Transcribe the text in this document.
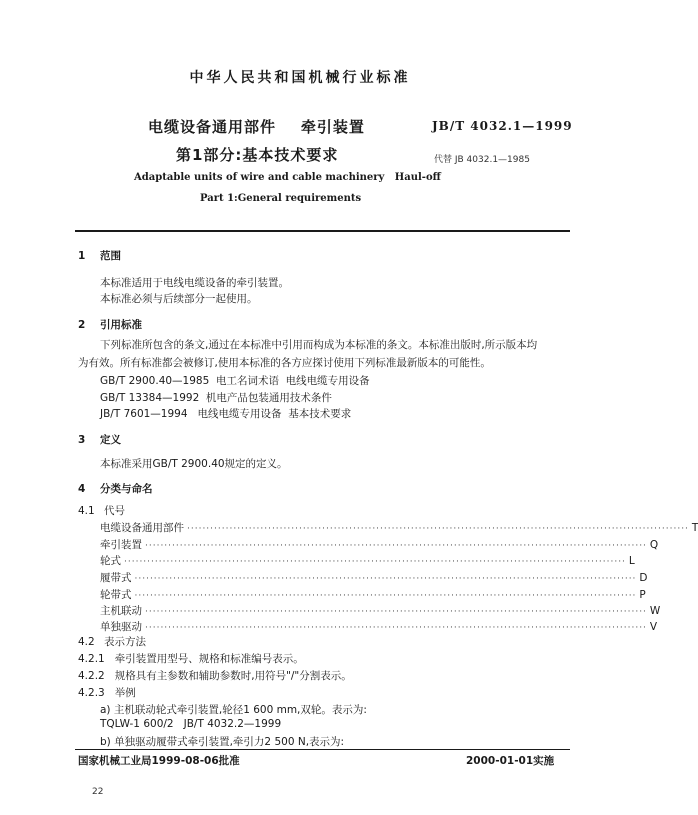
中华人民共和国机械行业标准
电缆设备通用部件    牵引装置
第1部分:基本技术要求
JB/T 4032.1—1999
代替 JB 4032.1—1985
Adaptable units of wire and cable machinery   Haul-off
Part 1:General requirements
1 范围
本标准适用于电线电缆设备的牵引装置。
本标准必须与后续部分一起使用。
2 引用标准
下列标准所包含的条文,通过在本标准中引用而构成为本标准的条文。本标准出版时,所示版本均
为有效。所有标准都会被修订,使用本标准的各方应探讨使用下列标准最新版本的可能性。
GB/T 2900.40—1985  电工名词术语  电线电缆专用设备
GB/T 13384—1992  机电产品包装通用技术条件
JB/T 7601—1994   电线电缆专用设备  基本技术要求
3 定义
本标准采用GB/T 2900.40规定的定义。
4 分类与命名
4.1 代号
电缆设备通用部件 ·································································································································· T
牵引装置 ·································································································································· Q
轮式 ·································································································································· L
履带式 ·································································································································· D
轮带式 ·································································································································· P
主机联动 ·································································································································· W
单独驱动 ·································································································································· V
4.2 表示方法
4.2.1   牵引装置用型号、规格和标准编号表示。
4.2.2   规格具有主参数和辅助参数时,用符号"/"分割表示。
4.2.3   举例
a) 主机联动轮式牵引装置,轮径1 600 mm,双轮。表示为:
TQLW-1 600/2   JB/T 4032.2—1999
b) 单独驱动履带式牵引装置,牵引力2 500 N,表示为:
国家机械工业局1999-08-06批准	2000-01-01实施
22
